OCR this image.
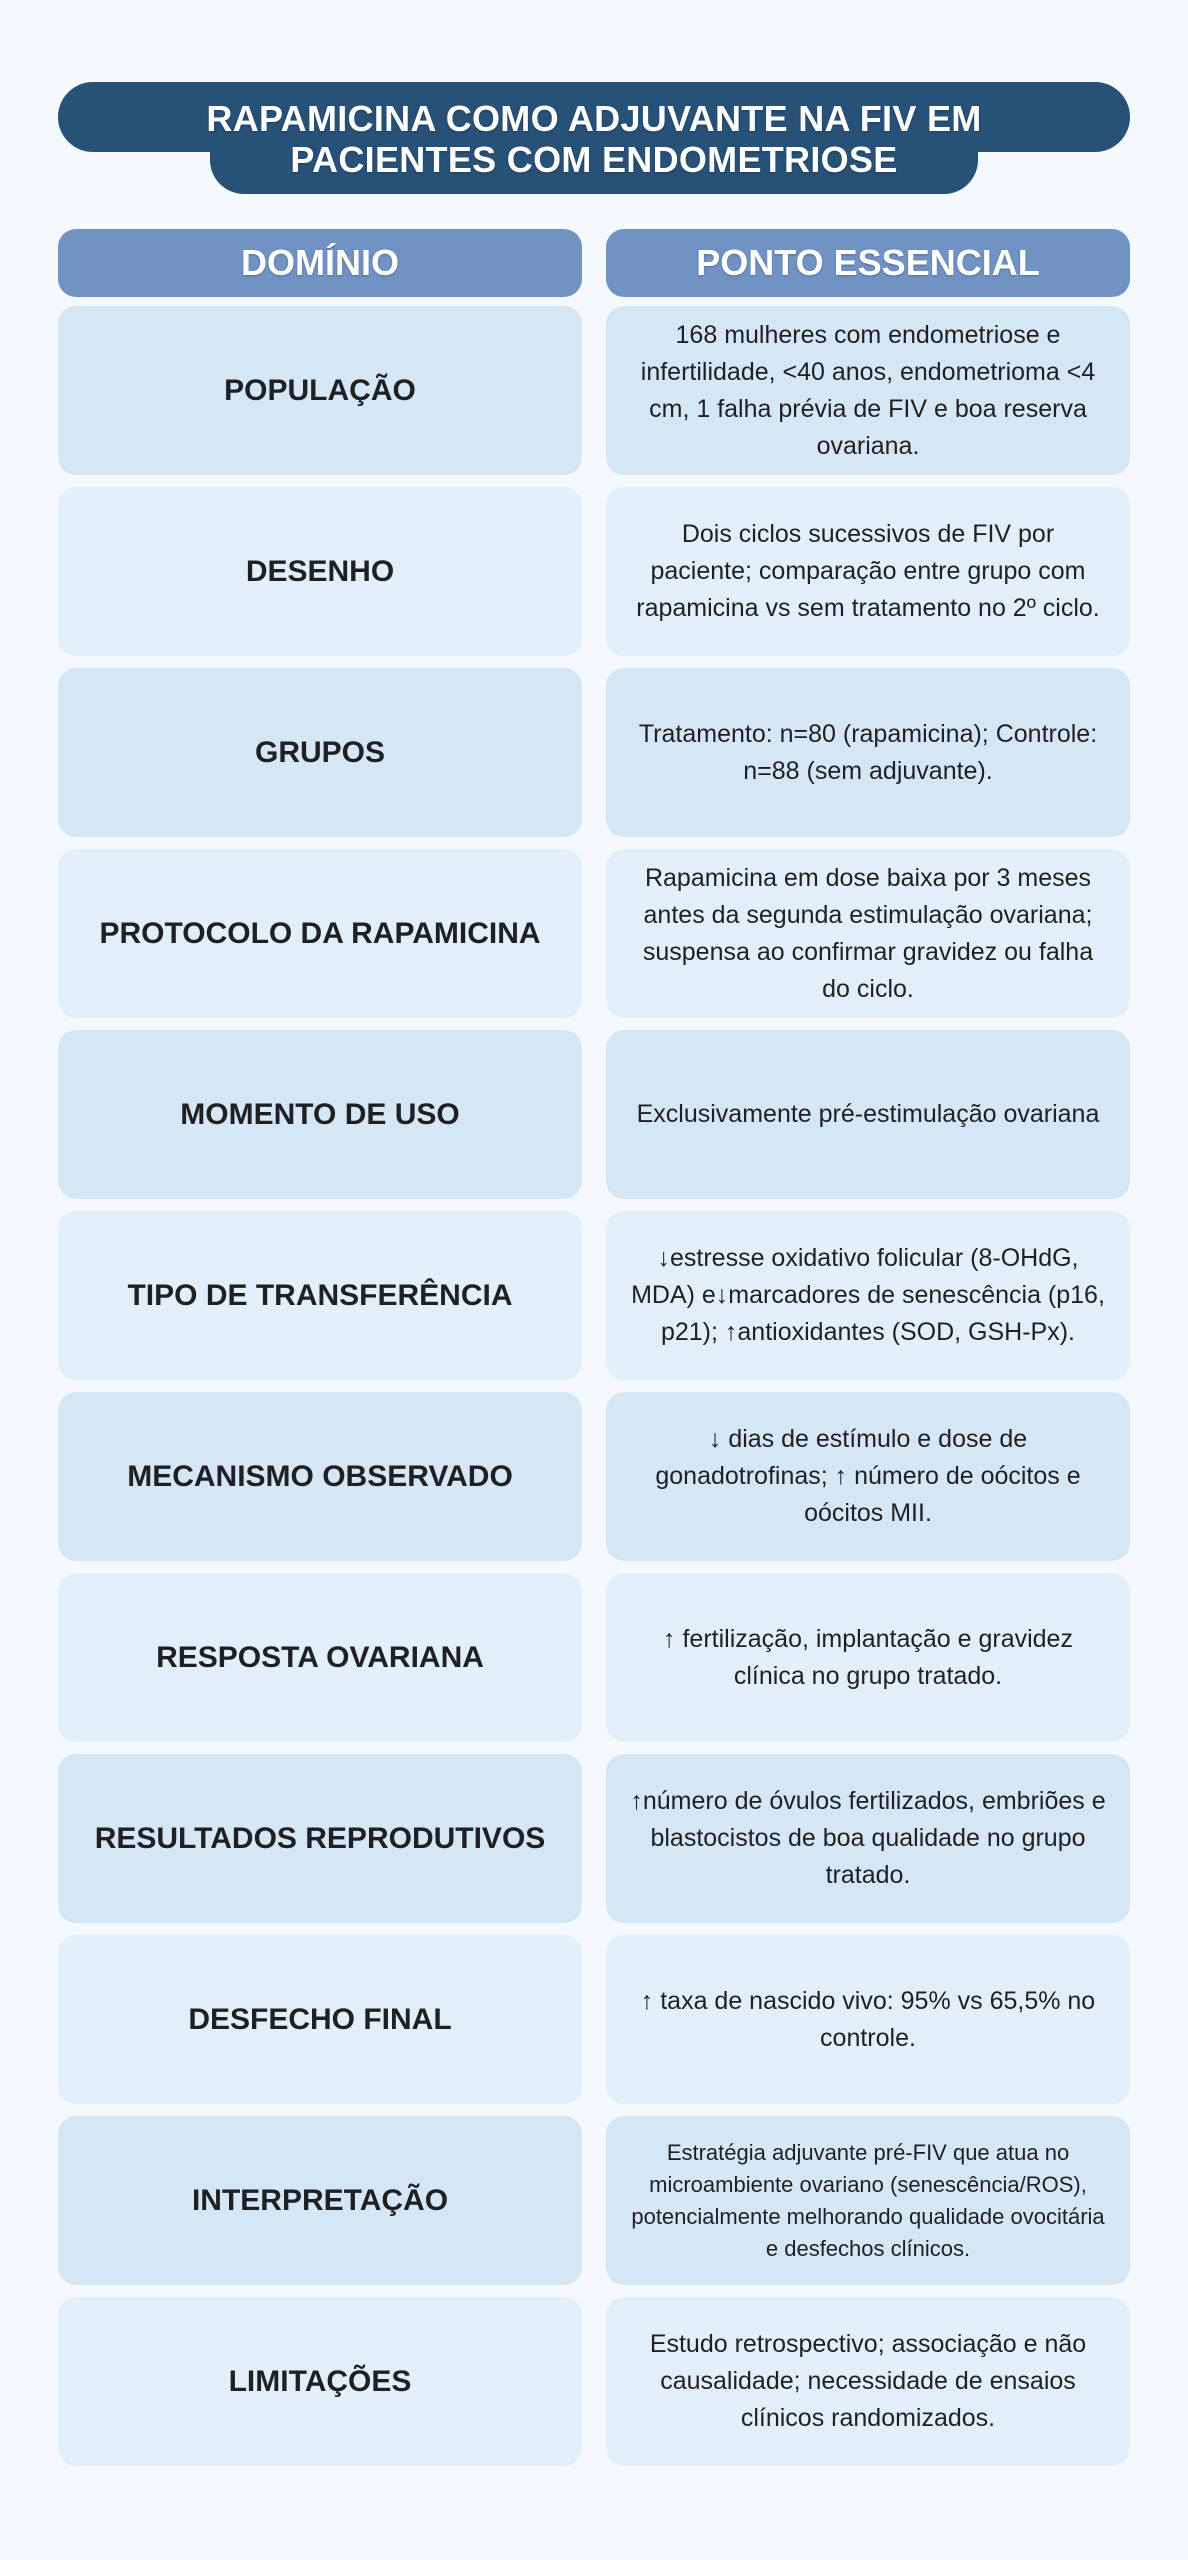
RAPAMICINA COMO ADJUVANTE NA FIV EM
PACIENTES COM ENDOMETRIOSE
DOMÍNIO	PONTO ESSENCIAL
POPULAÇÃO
168 mulheres com endometriose e infertilidade, <40 anos, endometrioma <4 cm, 1 falha prévia de FIV e boa reserva ovariana.
DESENHO
Dois ciclos sucessivos de FIV por paciente; comparação entre grupo com rapamicina vs sem tratamento no 2º ciclo.
GRUPOS
Tratamento: n=80 (rapamicina); Controle: n=88 (sem adjuvante).
PROTOCOLO DA RAPAMICINA
Rapamicina em dose baixa por 3 meses antes da segunda estimulação ovariana; suspensa ao confirmar gravidez ou falha do ciclo.
MOMENTO DE USO	Exclusivamente pré-estimulação ovariana
TIPO DE TRANSFERÊNCIA
↓estresse oxidativo folicular (8-OHdG, MDA) e↓marcadores de senescência (p16, p21); ↑antioxidantes (SOD, GSH-Px).
MECANISMO OBSERVADO
↓ dias de estímulo e dose de gonadotrofinas; ↑ número de oócitos e oócitos MII.
RESPOSTA OVARIANA
↑ fertilização, implantação e gravidez clínica no grupo tratado.
RESULTADOS REPRODUTIVOS
↑número de óvulos fertilizados, embriões e blastocistos de boa qualidade no grupo tratado.
DESFECHO FINAL
↑ taxa de nascido vivo: 95% vs 65,5% no controle.
INTERPRETAÇÃO
Estratégia adjuvante pré-FIV que atua no microambiente ovariano (senescência/ROS), potencialmente melhorando qualidade ovocitária e desfechos clínicos.
LIMITAÇÕES
Estudo retrospectivo; associação e não causalidade; necessidade de ensaios clínicos randomizados.
